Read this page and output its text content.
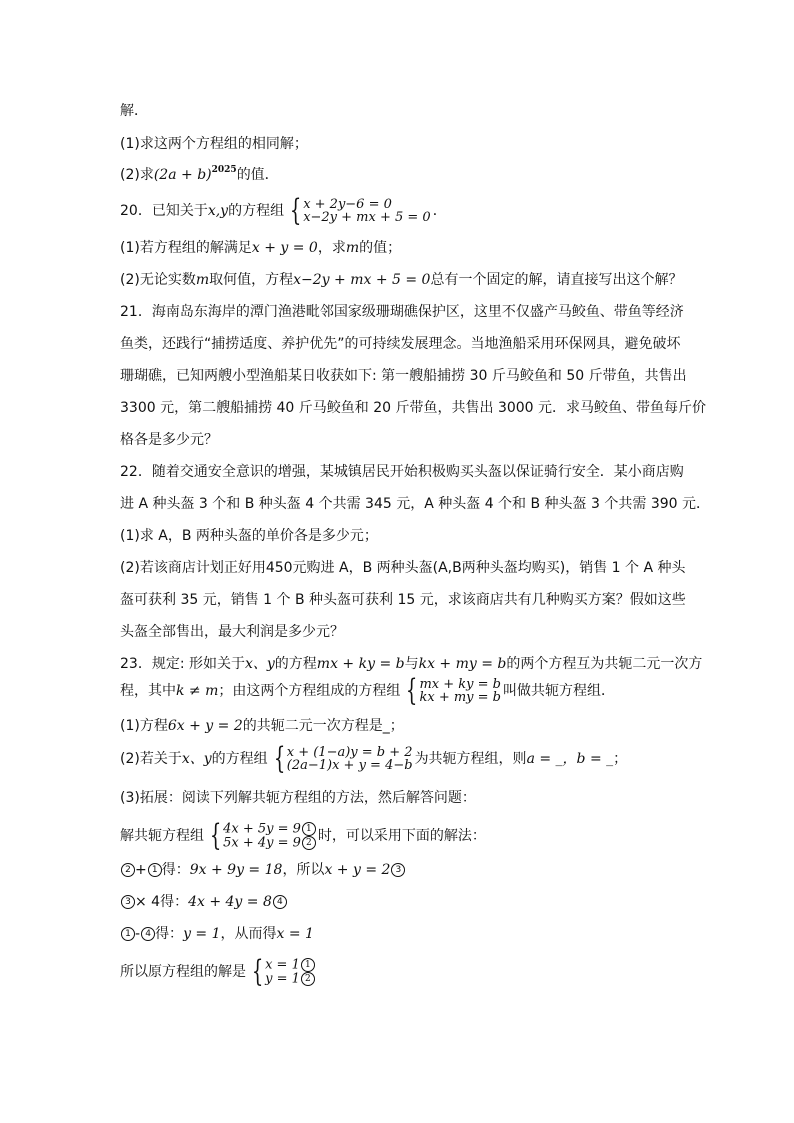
解．
(1)求这两个方程组的相同解；
(2)求$(2a + b)^{2025}$的值．
20．已知关于x,y的方程组 { x + 2y−6 = 0
x−2y + mx + 5 = 0 ．
(1)若方程组的解满足x + y = 0，求m的值；
(2)无论实数m取何值，方程x−2y + mx + 5 = 0总有一个固定的解，请直接写出这个解？
21．海南岛东海岸的潭门渔港毗邻国家级珊瑚礁保护区，这里不仅盛产马鲛鱼、带鱼等经济
鱼类，还践行“捕捞适度、养护优先”的可持续发展理念。当地渔船采用环保网具，避免破坏
珊瑚礁，已知两艘小型渔船某日收获如下: 第一艘船捕捞 30 斤马鲛鱼和 50 斤带鱼，共售出
3300 元，第二艘船捕捞 40 斤马鲛鱼和 20 斤带鱼，共售出 3000 元．求马鲛鱼、带鱼每斤价
格各是多少元？
22．随着交通安全意识的增强，某城镇居民开始积极购买头盔以保证骑行安全．某小商店购
进 A 种头盔 3 个和 B 种头盔 4 个共需 345 元，A 种头盔 4 个和 B 种头盔 3 个共需 390 元．
(1)求 A，B 两种头盔的单价各是多少元；
(2)若该商店计划正好用450元购进 A，B 两种头盔(A,B两种头盔均购买)，销售 1 个 A 种头
盔可获利 35 元，销售 1 个 B 种头盔可获利 15 元，求该商店共有几种购买方案？假如这些
头盔全部售出，最大利润是多少元？
23．规定: 形如关于x、y的方程mx + ky = b与kx + my = b的两个方程互为共轭二元一次方
程，其中k ≠ m；由这两个方程组成的方程组 { mx + ky = b
kx + my = b 叫做共轭方程组．
(1)方程6x + y = 2的共轭二元一次方程是_；
(2)若关于x、y的方程组 { x + (1−a)y = b + 2
(2a−1)x + y = 4−b 为共轭方程组，则a = _，b = _；
(3)拓展：阅读下列解共轭方程组的方法，然后解答问题：
解共轭方程组 { 4x + 5y = 9 1
5x + 4y = 9 2 时，可以采用下面的解法：
2 + 1 得：9x + 9y = 18，所以x + y = 2 3
3 × 4得：4x + 4y = 8 4
1 - 4 得：y = 1，从而得x = 1
所以原方程组的解是 { x = 1 1
y = 1 2
